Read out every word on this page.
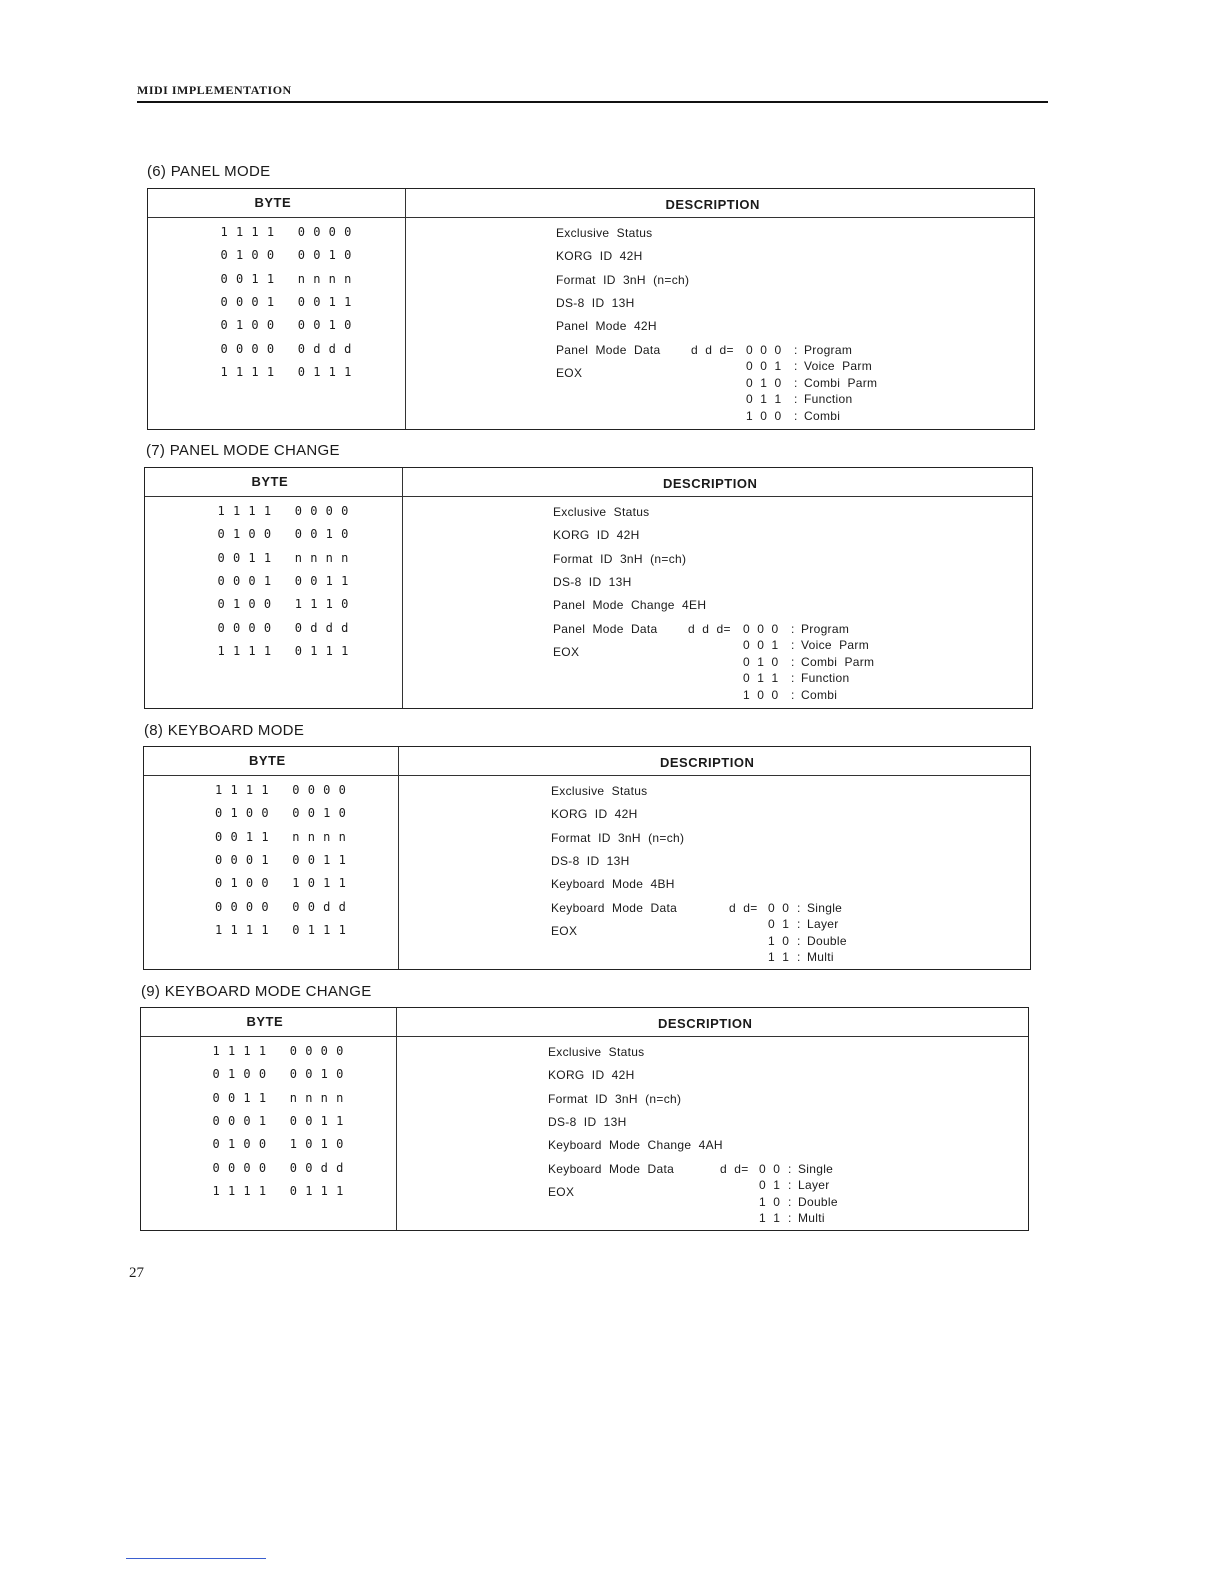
MIDI IMPLEMENTATION
(6) PANEL MODE
BYTE	DESCRIPTION
1 1 1 1   0 0 0 0	Exclusive  Status
0 1 0 0   0 0 1 0	KORG  ID  42H
0 0 1 1   n n n n	Format  ID  3nH  (n=ch)
0 0 0 1   0 0 1 1	DS-8  ID  13H
0 1 0 0   0 0 1 0	Panel  Mode  42H
0 0 0 0   0 d d d	Panel  Mode  Data
1 1 1 1   0 1 1 1	EOX
d  d  d= 0  0  0 : Program
0  0  1 : Voice  Parm
0  1  0 : Combi  Parm
0  1  1 : Function
1  0  0 : Combi
(7) PANEL MODE CHANGE
BYTE	DESCRIPTION
1 1 1 1   0 0 0 0	Exclusive  Status
0 1 0 0   0 0 1 0	KORG  ID  42H
0 0 1 1   n n n n	Format  ID  3nH  (n=ch)
0 0 0 1   0 0 1 1	DS-8  ID  13H
0 1 0 0   1 1 1 0	Panel  Mode  Change  4EH
0 0 0 0   0 d d d	Panel  Mode  Data
1 1 1 1   0 1 1 1	EOX
d  d  d= 0  0  0 : Program
0  0  1 : Voice  Parm
0  1  0 : Combi  Parm
0  1  1 : Function
1  0  0 : Combi
(8) KEYBOARD MODE
BYTE	DESCRIPTION
1 1 1 1   0 0 0 0	Exclusive  Status
0 1 0 0   0 0 1 0	KORG  ID  42H
0 0 1 1   n n n n	Format  ID  3nH  (n=ch)
0 0 0 1   0 0 1 1	DS-8  ID  13H
0 1 0 0   1 0 1 1	Keyboard  Mode  4BH
0 0 0 0   0 0 d d	Keyboard  Mode  Data
1 1 1 1   0 1 1 1	EOX
d  d= 0  0 : Single
0  1 : Layer
1  0 : Double
1  1 : Multi
(9) KEYBOARD MODE CHANGE
BYTE	DESCRIPTION
1 1 1 1   0 0 0 0	Exclusive  Status
0 1 0 0   0 0 1 0	KORG  ID  42H
0 0 1 1   n n n n	Format  ID  3nH  (n=ch)
0 0 0 1   0 0 1 1	DS-8  ID  13H
0 1 0 0   1 0 1 0	Keyboard  Mode  Change  4AH
0 0 0 0   0 0 d d	Keyboard  Mode  Data
1 1 1 1   0 1 1 1	EOX
d  d= 0  0 : Single
0  1 : Layer
1  0 : Double
1  1 : Multi
27
